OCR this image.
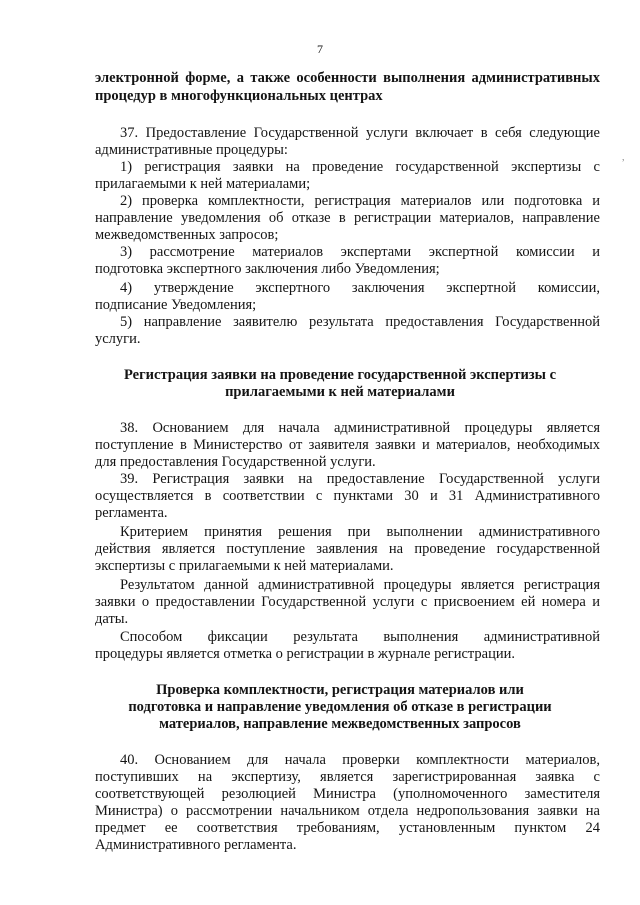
7
,
электронной форме, а также особенности выполнения административных
процедур в многофункциональных центрах
37. Предоставление Государственной услуги включает в себя следующие
административные процедуры:
1) регистрация заявки на проведение государственной экспертизы с
прилагаемыми к ней материалами;
2) проверка комплектности, регистрация материалов или подготовка и
направление уведомления об отказе в регистрации материалов, направление
межведомственных запросов;
3) рассмотрение материалов экспертами экспертной комиссии и
подготовка экспертного заключения либо Уведомления;
4) утверждение экспертного заключения экспертной комиссии,
подписание Уведомления;
5) направление заявителю результата предоставления Государственной
услуги.
Регистрация заявки на проведение государственной экспертизы с
прилагаемыми к ней материалами
38. Основанием для начала административной процедуры является
поступление в Министерство от заявителя заявки и материалов, необходимых
для предоставления Государственной услуги.
39. Регистрация заявки на предоставление Государственной услуги
осуществляется в соответствии с пунктами 30 и 31 Административного
регламента.
Критерием принятия решения при выполнении административного
действия является поступление заявления на проведение государственной
экспертизы с прилагаемыми к ней материалами.
Результатом данной административной процедуры является регистрация
заявки о предоставлении Государственной услуги с присвоением ей номера и
даты.
Способом фиксации результата выполнения административной
процедуры является отметка о регистрации в журнале регистрации.
Проверка комплектности, регистрация материалов или
подготовка и направление уведомления об отказе в регистрации
материалов, направление межведомственных запросов
40. Основанием для начала проверки комплектности материалов,
поступивших на экспертизу, является зарегистрированная заявка с
соответствующей резолюцией Министра (уполномоченного заместителя
Министра) о рассмотрении начальником отдела недропользования заявки на
предмет ее соответствия требованиям, установленным пунктом 24
Административного регламента.
